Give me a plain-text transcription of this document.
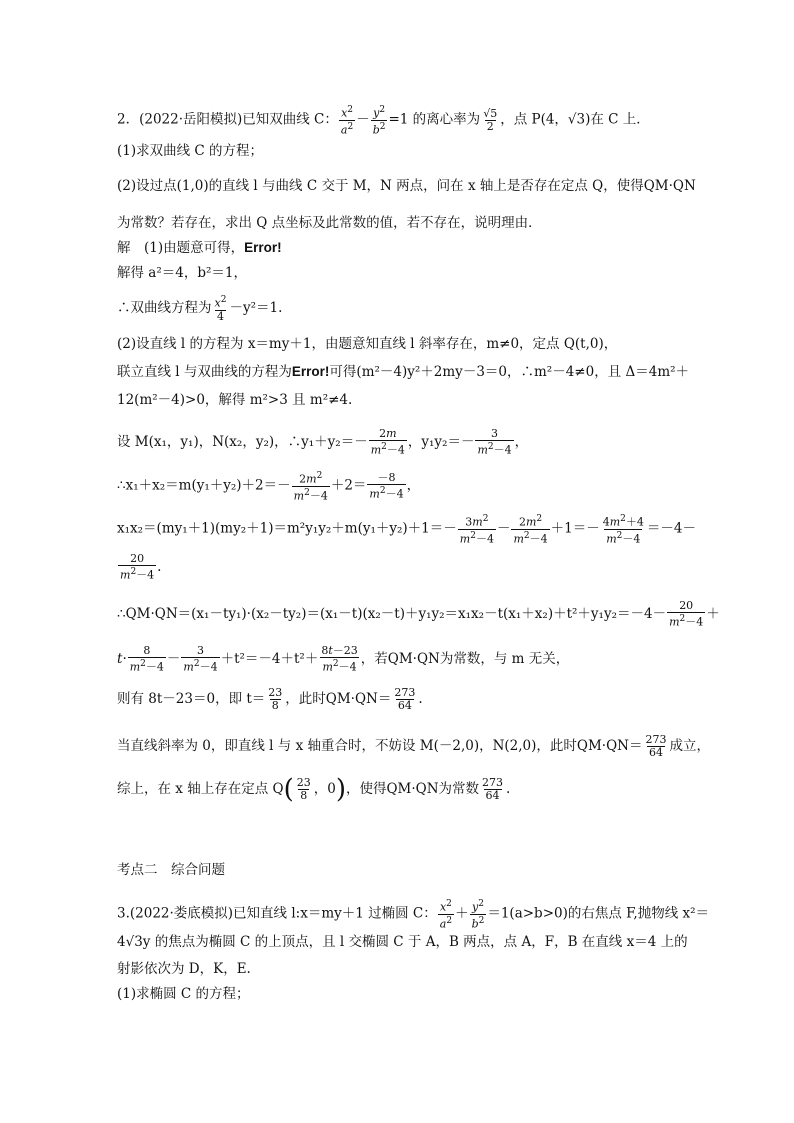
2．(2022·岳阳模拟)已知双曲线 C： $\frac{x^2}{a^2} - \frac{y^2}{b^2} =1$ 的离心率为 $\frac{√5}{2}$ ，点 P(4，√3)在 C 上．
(1)求双曲线 C 的方程；
(2)设过点(1,0)的直线 l 与曲线 C 交于 M，N 两点，问在 x 轴上是否存在定点 Q，使得QM·QN
为常数？若存在，求出 Q 点坐标及此常数的值，若不存在，说明理由．
解　(1)由题意可得，Error!
解得 a²＝4，b²＝1，
∴双曲线方程为 $\frac{x^2}{4} -y^2=1$.
(2)设直线 l 的方程为 x＝my＋1，由题意知直线 l 斜率存在，m≠0，定点 Q(t,0)，
联立直线 l 与双曲线的方程为Error!可得(m²－4)y²＋2my－3＝0，∴m²－4≠0，且 Δ＝4m²＋
12(m²－4)>0，解得 m²>3 且 m²≠4.
设 M(x₁，y₁)，N(x₂，y₂)，∴y₁＋y₂＝－ $\frac{2m}{m^2-4}$ ，$y_1y_2=- \frac{3}{m^2-4}$ ，
∴x₁＋x₂＝m(y₁＋y₂)＋2＝－ $\frac{2m^2}{m^2-4} +2= \frac{-8}{m^2-4}$ ，
$x_1x_2=(my_1+1)(my_2+1)=m^2y_1y_2+m(y_1+y_2)+1=- \frac{3m^2}{m^2-4} - \frac{2m^2}{m^2-4} +1=- \frac{4m^2+4}{m^2-4} =-4-$
$\frac{20}{m^2-4}$ .
∴QM·QN＝(x₁－ty₁)·(x₂－ty₂)＝(x₁－t)(x₂－t)＋y₁y₂＝x₁x₂－t(x₁＋x₂)＋t²＋y₁y₂＝－4－ $\frac{20}{m^2-4}$ ＋
$t\cdot \frac{8}{m^2-4} - \frac{3}{m^2-4} +t^2=-4+t^2+ \frac{8t-23}{m^2-4}$ ，若QM·QN为常数，与 m 无关，
则有 8t－23＝0，即 $t= \frac{23}{8}$ ，此时$QM\cdot QN= \frac{273}{64}$ .
当直线斜率为 0，即直线 l 与 x 轴重合时，不妨设 M(－2,0)，N(2,0)，此时$QM\cdot QN= \frac{273}{64}$ 成立，
综上，在 x 轴上存在定点 $Q( \frac{23}{8}$ ，0)，使得QM·QN为常数 $\frac{273}{64}$ .
考点二　综合问题
3.(2022·娄底模拟)已知直线 l:x＝my＋1 过椭圆 C： $\frac{x^2}{a^2} + \frac{y^2}{b^2} =1(a>b>0)$的右焦点 F,抛物线 x²＝
4√3y 的焦点为椭圆 C 的上顶点，且 l 交椭圆 C 于 A，B 两点，点 A，F，B 在直线 x＝4 上的
射影依次为 D，K，E.
(1)求椭圆 C 的方程；
